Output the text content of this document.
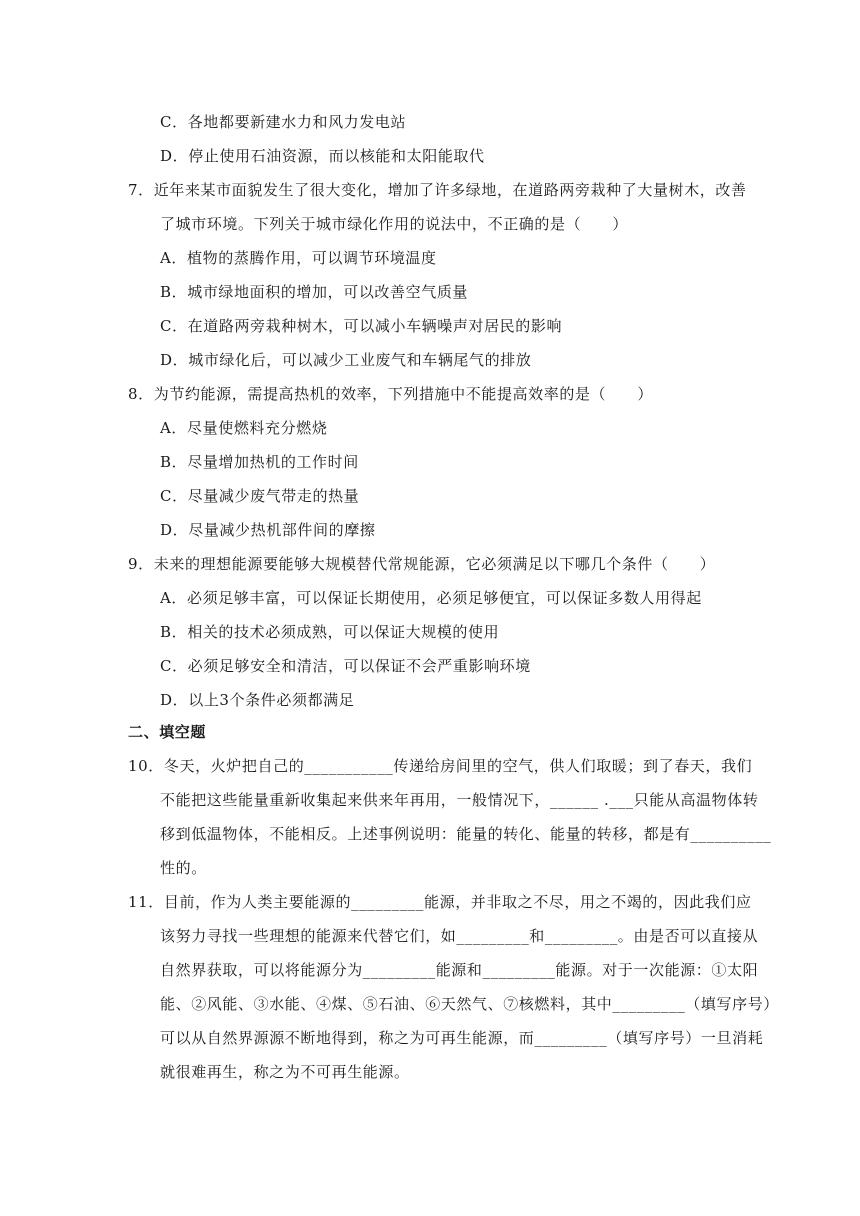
C．各地都要新建水力和风力发电站
D．停止使用石油资源，而以核能和太阳能取代
7．近年来某市面貌发生了很大变化，增加了许多绿地，在道路两旁栽种了大量树木，改善
了城市环境。下列关于城市绿化作用的说法中，不正确的是（　　）
A．植物的蒸腾作用，可以调节环境温度
B．城市绿地面积的增加，可以改善空气质量
C．在道路两旁栽种树木，可以减小车辆噪声对居民的影响
D．城市绿化后，可以减少工业废气和车辆尾气的排放
8．为节约能源，需提高热机的效率，下列措施中不能提高效率的是（　　）
A．尽量使燃料充分燃烧
B．尽量增加热机的工作时间
C．尽量减少废气带走的热量
D．尽量减少热机部件间的摩擦
9．未来的理想能源要能够大规模替代常规能源，它必须满足以下哪几个条件（　　）
A．必须足够丰富，可以保证长期使用，必须足够便宜，可以保证多数人用得起
B．相关的技术必须成熟，可以保证大规模的使用
C．必须足够安全和清洁，可以保证不会严重影响环境
D．以上3个条件必须都满足
二、填空题
10．冬天，火炉把自己的___________传递给房间里的空气，供人们取暖；到了春天，我们
不能把这些能量重新收集起来供来年再用，一般情况下，______ .___只能从高温物体转
移到低温物体，不能相反。上述事例说明：能量的转化、能量的转移，都是有__________
性的。
11．目前，作为人类主要能源的_________能源，并非取之不尽，用之不竭的，因此我们应
该努力寻找一些理想的能源来代替它们，如_________和_________。由是否可以直接从
自然界获取，可以将能源分为_________能源和_________能源。对于一次能源：①太阳
能、②风能、③水能、④煤、⑤石油、⑥天然气、⑦核燃料，其中_________（填写序号）
可以从自然界源源不断地得到，称之为可再生能源，而_________（填写序号）一旦消耗
就很难再生，称之为不可再生能源。
